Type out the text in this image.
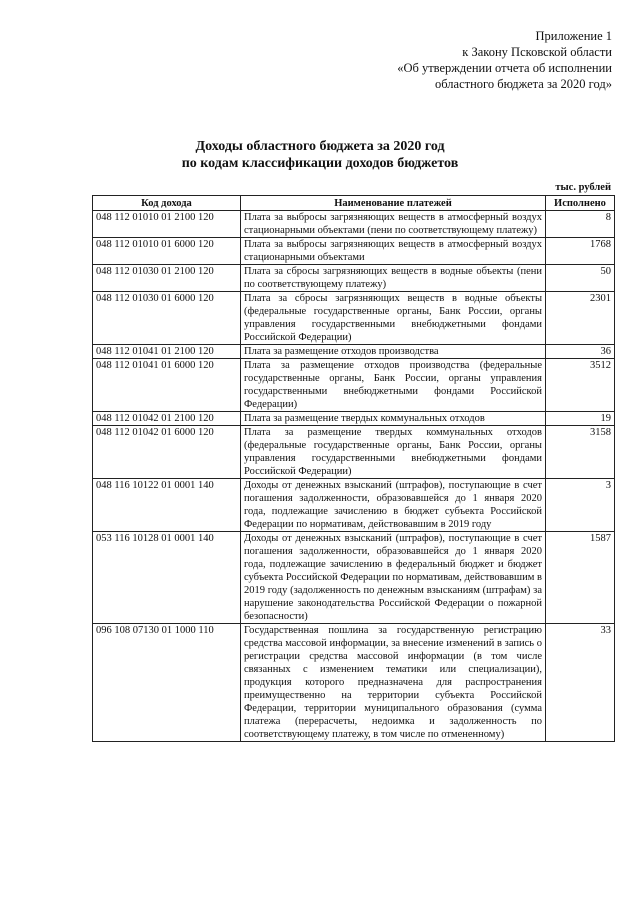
Приложение 1
к Закону Псковской области
«Об утверждении отчета об исполнении
областного бюджета за 2020 год»
Доходы областного бюджета за 2020 год
по кодам классификации доходов бюджетов
тыс. рублей
Код дохода	Наименование платежей	Исполнено
048 112 01010 01 2100 120	Плата за выбросы загрязняющих веществ в атмосферный воздух стационарными объектами (пени по соответствующему платежу)	8
048 112 01010 01 6000 120	Плата за выбросы загрязняющих веществ в атмосферный воздух стационарными объектами	1768
048 112 01030 01 2100 120	Плата за сбросы загрязняющих веществ в водные объекты (пени по соответствующему платежу)	50
048 112 01030 01 6000 120	Плата за сбросы загрязняющих веществ в водные объекты (федеральные государственные органы, Банк России, органы управления государственными внебюджетными фондами Российской Федерации)	2301
048 112 01041 01 2100 120	Плата за размещение отходов производства	36
048 112 01041 01 6000 120	Плата за размещение отходов производства (федеральные государственные органы, Банк России, органы управления государственными внебюджетными фондами Российской Федерации)	3512
048 112 01042 01 2100 120	Плата за размещение твердых коммунальных отходов	19
048 112 01042 01 6000 120	Плата за размещение твердых коммунальных отходов (федеральные государственные органы, Банк России, органы управления государственными внебюджетными фондами Российской Федерации)	3158
048 116 10122 01 0001 140	Доходы от денежных взысканий (штрафов), поступающие в счет погашения задолженности, образовавшейся до 1 января 2020 года, подлежащие зачислению в бюджет субъекта Российской Федерации по нормативам, действовавшим в 2019 году	3
053 116 10128 01 0001 140	Доходы от денежных взысканий (штрафов), поступающие в счет погашения задолженности, образовавшейся до 1 января 2020 года, подлежащие зачислению в федеральный бюджет и бюджет субъекта Российской Федерации по нормативам, действовавшим в 2019 году (задолженность по денежным взысканиям (штрафам) за нарушение законодательства Российской Федерации о пожарной безопасности)	1587
096 108 07130 01 1000 110	Государственная пошлина за государственную регистрацию средства массовой информации, за внесение изменений в запись о регистрации средства массовой информации (в том числе связанных с изменением тематики или специализации), продукция которого предназначена для распространения преимущественно на территории субъекта Российской Федерации, территории муниципального образования (сумма платежа (перерасчеты, недоимка и задолженность по соответствующему платежу, в том числе по отмененному)	33
